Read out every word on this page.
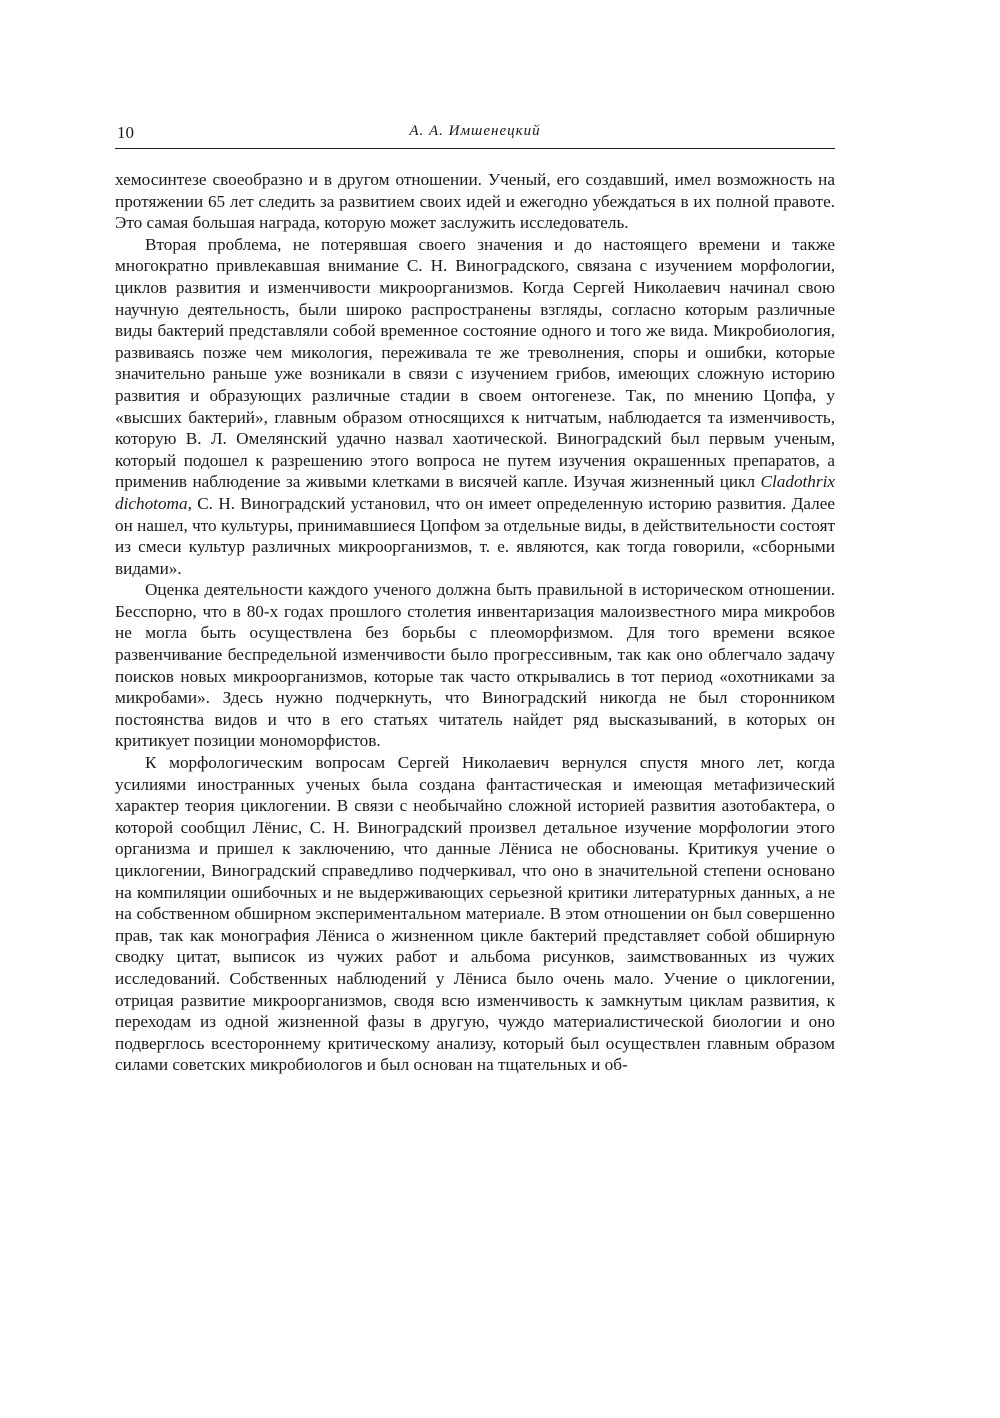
10	А. А. Имшенецкий

хемосинтезе своеобразно и в другом отношении. Ученый, его создавший, имел возможность на протяжении 65 лет следить за развитием своих идей и ежегодно убеждаться в их полной правоте. Это самая большая награда, которую может заслужить исследователь.

Вторая проблема, не потерявшая своего значения и до настоящего времени и также многократно привлекавшая внимание С. Н. Виноградского, связана с изучением морфологии, циклов развития и изменчивости микроорганизмов. Когда Сергей Николаевич начинал свою научную деятельность, были широко распространены взгляды, согласно которым различные виды бактерий представляли собой временное состояние одного и того же вида. Микробиология, развиваясь позже чем микология, переживала те же треволнения, споры и ошибки, которые значительно раньше уже возникали в связи с изучением грибов, имеющих сложную историю развития и образующих различные стадии в своем онтогенезе. Так, по мнению Цопфа, у «высших бактерий», главным образом относящихся к нитчатым, наблюдается та изменчивость, которую В. Л. Омелянский удачно назвал хаотической. Виноградский был первым ученым, который подошел к разрешению этого вопроса не путем изучения окрашенных препаратов, а применив наблюдение за живыми клетками в висячей капле. Изучая жизненный цикл Cladothrix dichotoma, С. Н. Виноградский установил, что он имеет определенную историю развития. Далее он нашел, что культуры, принимавшиеся Цопфом за отдельные виды, в действительности состоят из смеси культур различных микроорганизмов, т. е. являются, как тогда говорили, «сборными видами».

Оценка деятельности каждого ученого должна быть правильной в историческом отношении. Бесспорно, что в 80-х годах прошлого столетия инвентаризация малоизвестного мира микробов не могла быть осуществлена без борьбы с плеоморфизмом. Для того времени всякое развенчивание беспредельной изменчивости было прогрессивным, так как оно облегчало задачу поисков новых микроорганизмов, которые так часто открывались в тот период «охотниками за микробами». Здесь нужно подчеркнуть, что Виноградский никогда не был сторонником постоянства видов и что в его статьях читатель найдет ряд высказываний, в которых он критикует позиции мономорфистов.

К морфологическим вопросам Сергей Николаевич вернулся спустя много лет, когда усилиями иностранных ученых была создана фантастическая и имеющая метафизический характер теория циклогении. В связи с необычайно сложной историей развития азотобактера, о которой сообщил Лёнис, С. Н. Виноградский произвел детальное изучение морфологии этого организма и пришел к заключению, что данные Лёниса не обоснованы. Критикуя учение о циклогении, Виноградский справедливо подчеркивал, что оно в значительной степени основано на компиляции ошибочных и не выдерживающих серьезной критики литературных данных, а не на собственном обширном экспериментальном материале. В этом отношении он был совершенно прав, так как монография Лёниса о жизненном цикле бактерий представляет собой обширную сводку цитат, выписок из чужих работ и альбома рисунков, заимствованных из чужих исследований. Собственных наблюдений у Лёниса было очень мало. Учение о циклогении, отрицая развитие микроорганизмов, сводя всю изменчивость к замкнутым циклам развития, к переходам из одной жизненной фазы в другую, чуждо материалистической биологии и оно подверглось всестороннему критическому анализу, который был осуществлен главным образом силами советских микробиологов и был основан на тщательных и об-
